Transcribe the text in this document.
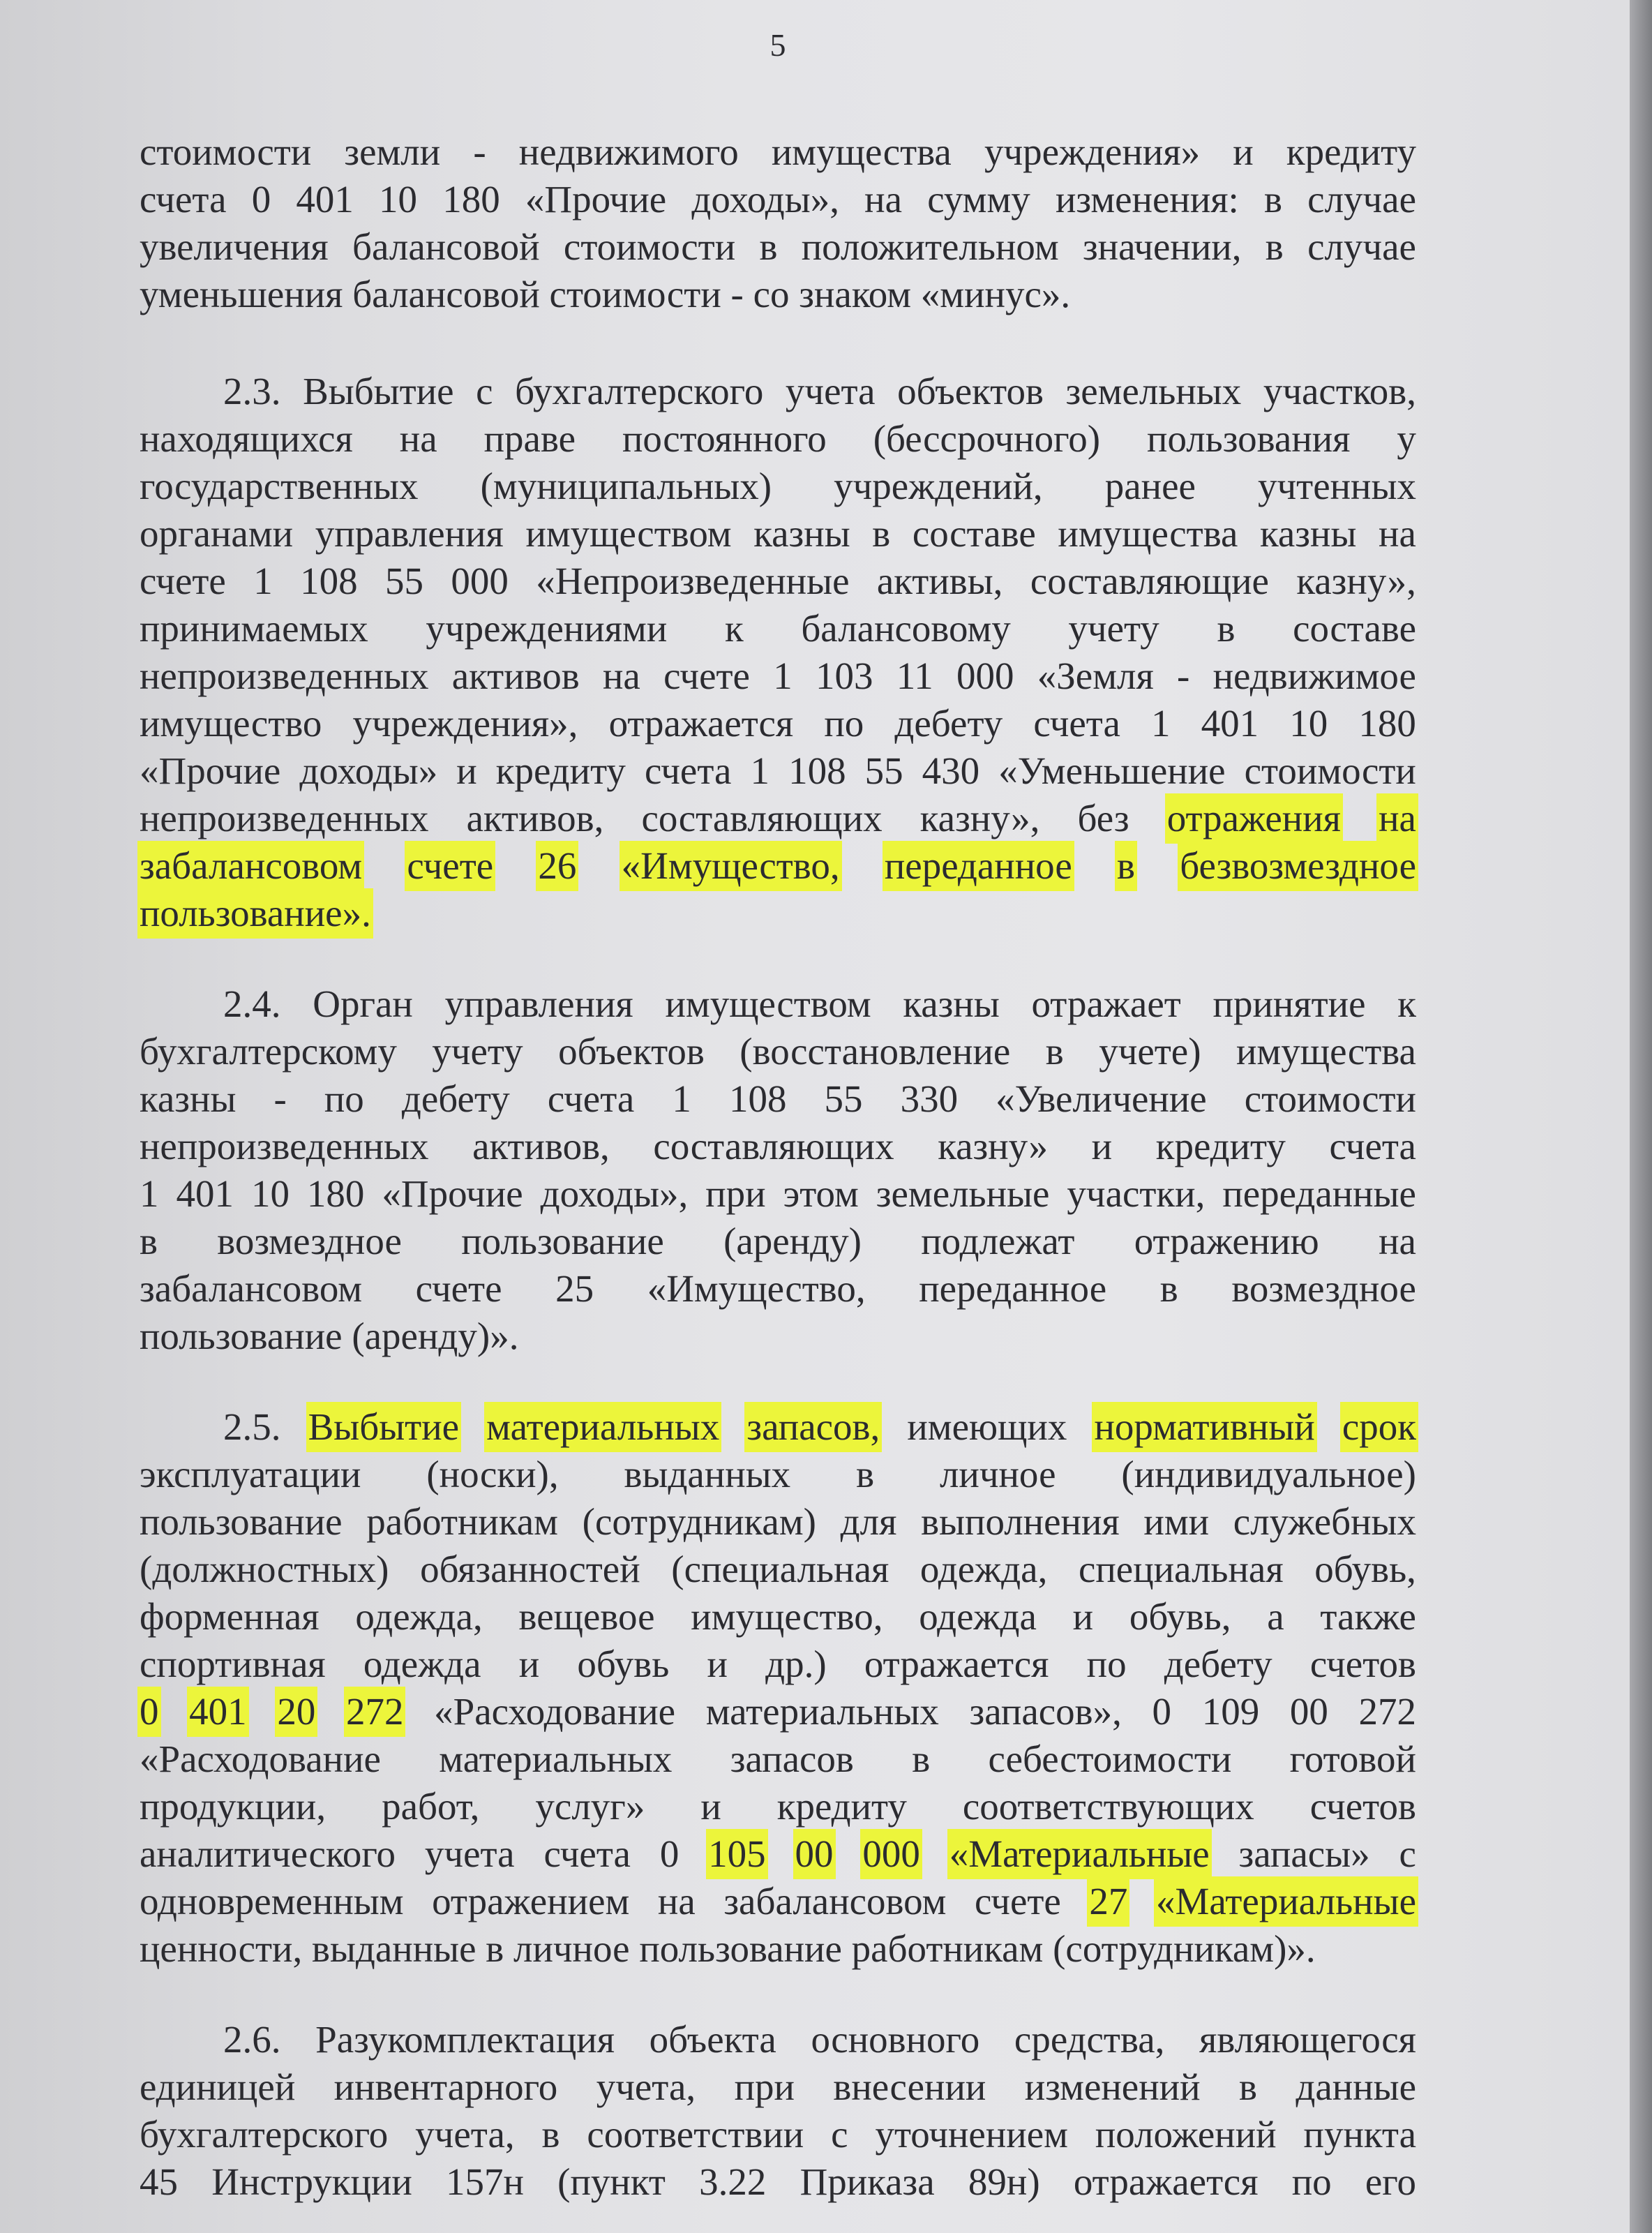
5
стоимости земли - недвижимого имущества учреждения» и кредиту
счета 0 401 10 180 «Прочие доходы», на сумму изменения: в случае
увеличения балансовой стоимости в положительном значении, в случае
уменьшения
балансовой
стоимости
-
со
знаком
«минус».
2.3. Выбытие с бухгалтерского учета объектов земельных участков,
находящихся на праве постоянного (бессрочного) пользования у
государственных (муниципальных) учреждений, ранее учтенных
органами управления имуществом казны в составе имущества казны на
счете 1 108 55 000 «Непроизведенные активы, составляющие казну»,
принимаемых учреждениями к балансовому учету в составе
непроизведенных активов на счете 1 103 11 000 «Земля - недвижимое
имущество учреждения», отражается по дебету счета 1 401 10 180
«Прочие доходы» и кредиту счета 1 108 55 430 «Уменьшение стоимости
непроизведенных активов, составляющих казну», без отражения на
забалансовом счете 26 «Имущество, переданное в безвозмездное
пользование».
2.4. Орган управления имуществом казны отражает принятие к
бухгалтерскому учету объектов (восстановление в учете) имущества
казны - по дебету счета 1 108 55 330 «Увеличение стоимости
непроизведенных активов, составляющих казну» и кредиту счета
1 401 10 180 «Прочие доходы», при этом земельные участки, переданные
в возмездное пользование (аренду) подлежат отражению на
забалансовом счете 25 «Имущество, переданное в возмездное
пользование
(аренду)».
2.5. Выбытие материальных запасов, имеющих нормативный срок
эксплуатации (носки), выданных в личное (индивидуальное)
пользование работникам (сотрудникам) для выполнения ими служебных
(должностных) обязанностей (специальная одежда, специальная обувь,
форменная одежда, вещевое имущество, одежда и обувь, а также
спортивная одежда и обувь и др.) отражается по дебету счетов
0 401 20 272 «Расходование материальных запасов», 0 109 00 272
«Расходование материальных запасов в себестоимости готовой
продукции, работ, услуг» и кредиту соответствующих счетов
аналитического учета счета 0 105 00 000 «Материальные запасы» с
одновременным отражением на забалансовом счете 27 «Материальные
ценности,
выданные
в
личное
пользование
работникам
(сотрудникам)».
2.6. Разукомплектация объекта основного средства, являющегося
единицей инвентарного учета, при внесении изменений в данные
бухгалтерского учета, в соответствии с уточнением положений пункта
45 Инструкции 157н (пункт 3.22 Приказа 89н) отражается по его
